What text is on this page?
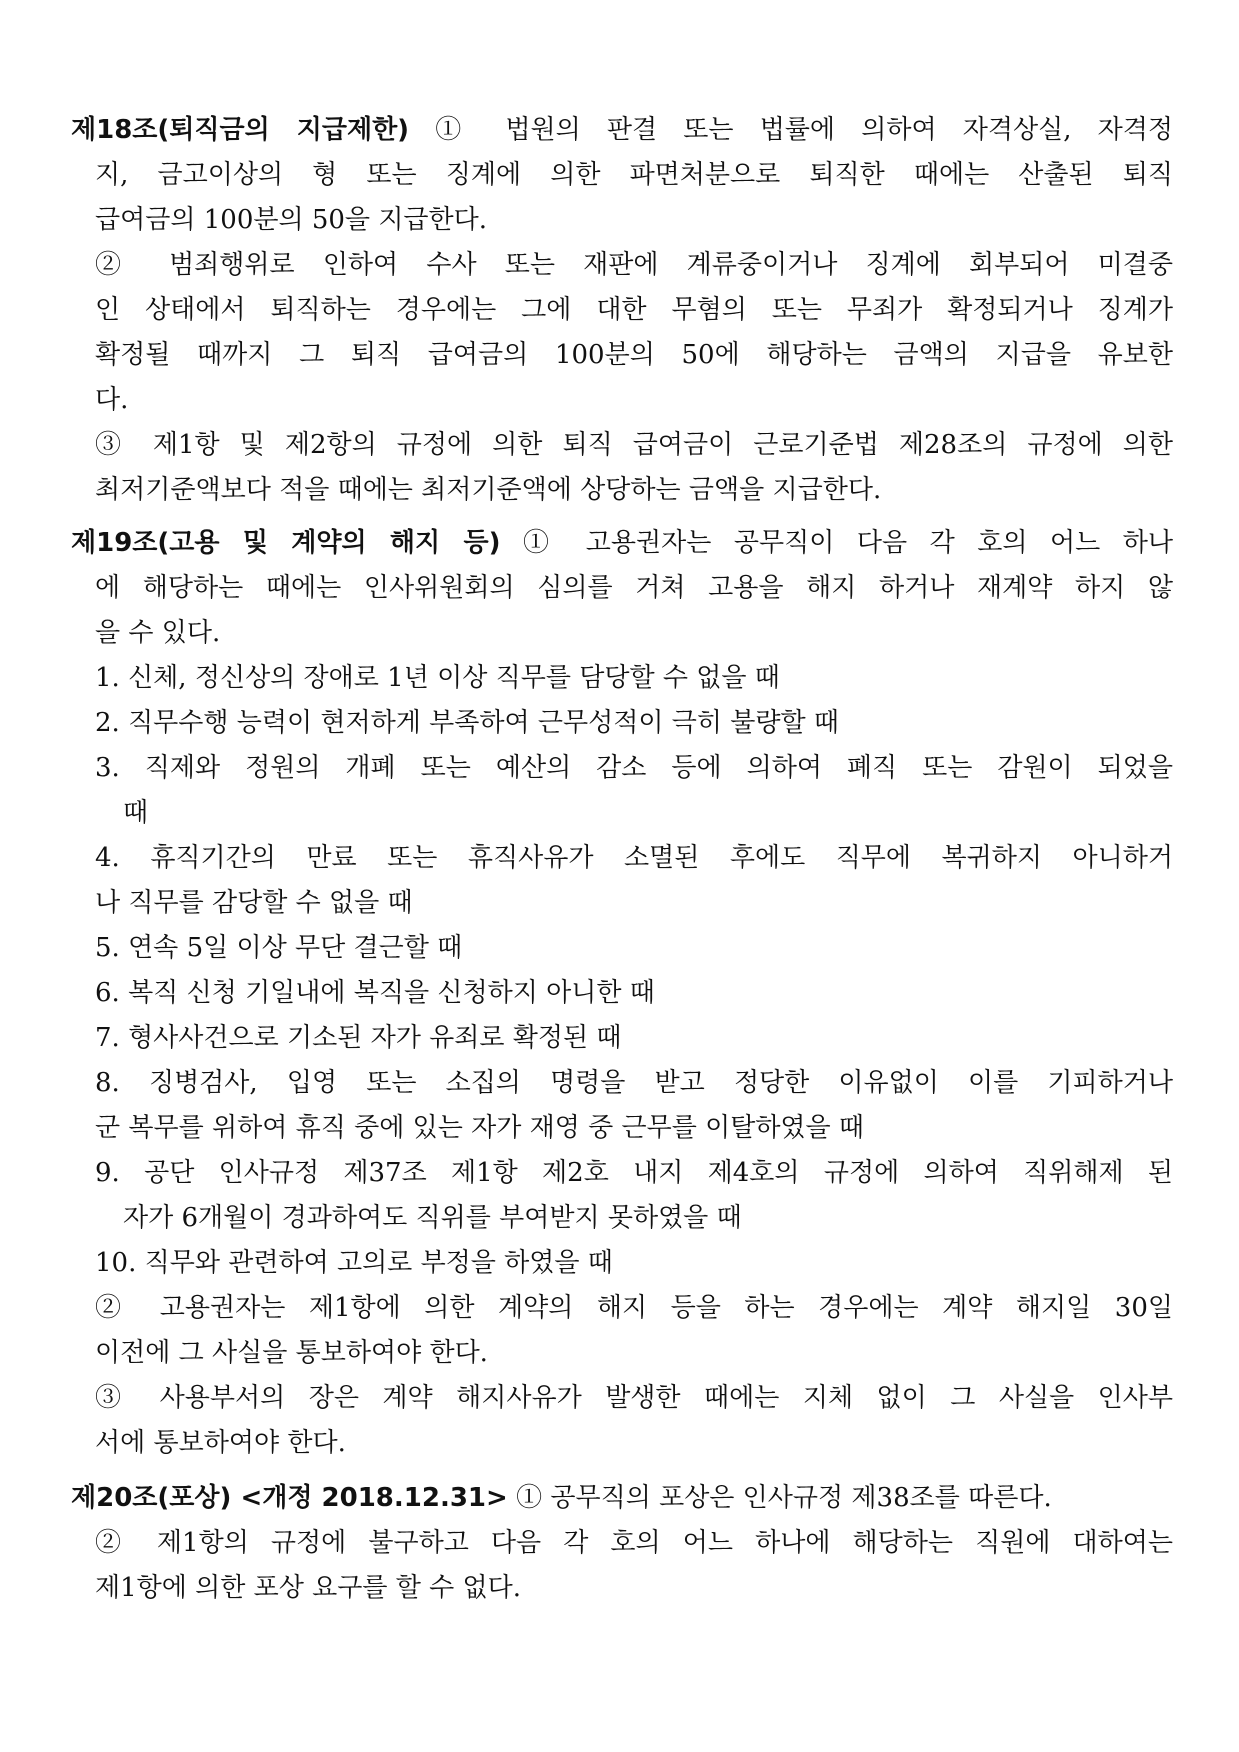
제18조(퇴직금의 지급제한) ① 법원의 판결 또는 법률에 의하여 자격상실, 자격정
지, 금고이상의 형 또는 징계에 의한 파면처분으로 퇴직한 때에는 산출된 퇴직
급여금의 100분의 50을 지급한다.
② 범죄행위로 인하여 수사 또는 재판에 계류중이거나 징계에 회부되어 미결중
인 상태에서 퇴직하는 경우에는 그에 대한 무혐의 또는 무죄가 확정되거나 징계가
확정될 때까지 그 퇴직 급여금의 100분의 50에 해당하는 금액의 지급을 유보한
다.
③ 제1항 및 제2항의 규정에 의한 퇴직 급여금이 근로기준법 제28조의 규정에 의한
최저기준액보다 적을 때에는 최저기준액에 상당하는 금액을 지급한다.
제19조(고용 및 계약의 해지 등) ① 고용권자는 공무직이 다음 각 호의 어느 하나
에 해당하는 때에는 인사위원회의 심의를 거쳐 고용을 해지 하거나 재계약 하지 않
을 수 있다.
1. 신체, 정신상의 장애로 1년 이상 직무를 담당할 수 없을 때
2. 직무수행 능력이 현저하게 부족하여 근무성적이 극히 불량할 때
3. 직제와 정원의 개폐 또는 예산의 감소 등에 의하여 폐직 또는 감원이 되었을
때
4. 휴직기간의 만료 또는 휴직사유가 소멸된 후에도 직무에 복귀하지 아니하거
나 직무를 감당할 수 없을 때
5. 연속 5일 이상 무단 결근할 때
6. 복직 신청 기일내에 복직을 신청하지 아니한 때
7. 형사사건으로 기소된 자가 유죄로 확정된 때
8. 징병검사, 입영 또는 소집의 명령을 받고 정당한 이유없이 이를 기피하거나
군 복무를 위하여 휴직 중에 있는 자가 재영 중 근무를 이탈하였을 때
9. 공단 인사규정 제37조 제1항 제2호 내지 제4호의 규정에 의하여 직위해제 된
자가 6개월이 경과하여도 직위를 부여받지 못하였을 때
10. 직무와 관련하여 고의로 부정을 하였을 때
② 고용권자는 제1항에 의한 계약의 해지 등을 하는 경우에는 계약 해지일 30일
이전에 그 사실을 통보하여야 한다.
③ 사용부서의 장은 계약 해지사유가 발생한 때에는 지체 없이 그 사실을 인사부
서에 통보하여야 한다.
제20조(포상) <개정 2018.12.31> ① 공무직의 포상은 인사규정 제38조를 따른다.
② 제1항의 규정에 불구하고 다음 각 호의 어느 하나에 해당하는 직원에 대하여는
제1항에 의한 포상 요구를 할 수 없다.
